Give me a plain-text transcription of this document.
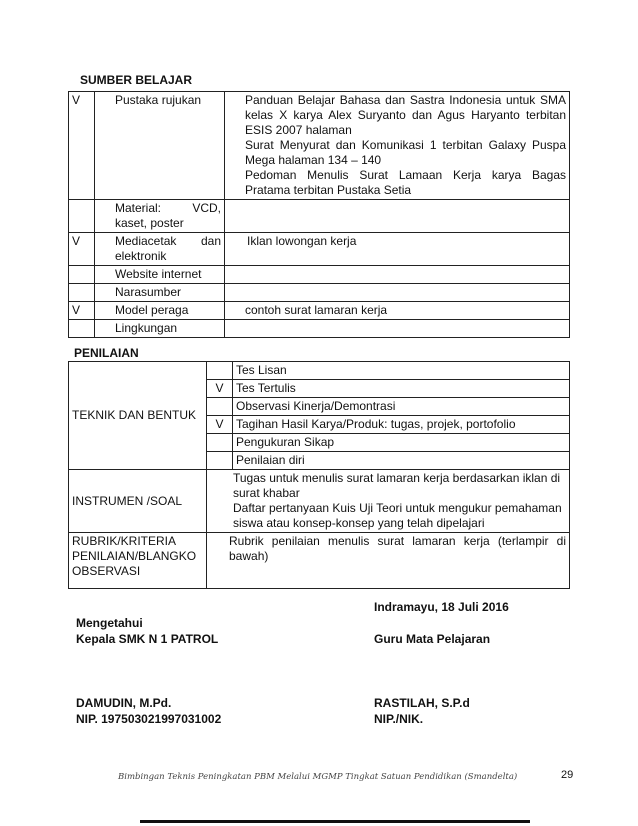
SUMBER BELAJAR
V	Pustaka rujukan	Panduan Belajar Bahasa dan Sastra Indonesia untuk SMA kelas X karya Alex Suryanto dan Agus Haryanto terbitan ESIS 2007 halaman
Surat Menyurat dan Komunikasi 1 terbitan Galaxy Puspa Mega halaman 134 – 140
Pedoman Menulis Surat Lamaan Kerja karya Bagas Pratama terbitan Pustaka Setia

	Material: VCD, kaset, poster	
V	Mediacetak dan elektronik	Iklan lowongan kerja
	Website internet	
	Narasumber	
V	Model peraga	contoh surat lamaran kerja
	Lingkungan	
PENILAIAN
TEKNIK DAN BENTUK		Tes Lisan
	V	Tes Tertulis
		Observasi Kinerja/Demontrasi
	V	Tagihan Hasil Karya/Produk: tugas, projek, portofolio
		Pengukuran Sikap
		Penilaian diri
INSTRUMEN /SOAL	Tugas untuk menulis surat lamaran kerja berdasarkan iklan di surat khabar
Daftar pertanyaan Kuis Uji Teori untuk mengukur pemahaman siswa atau konsep-konsep yang telah dipelajari	

RUBRIK/KRITERIA PENILAIAN/BLANGKO OBSERVASI	Rubrik penilaian menulis surat lamaran kerja (terlampir di bawah)	
Indramayu, 18 Juli 2016
Mengetahui
Kepala SMK N 1 PATROL	Guru Mata Pelajaran
DAMUDIN, M.Pd.
NIP. 197503021997031002
RASTILAH, S.P.d
NIP./NIK.
Bimbingan Teknis Peningkatan PBM Melalui MGMP Tingkat Satuan Pendidikan (Smandelta)	29
